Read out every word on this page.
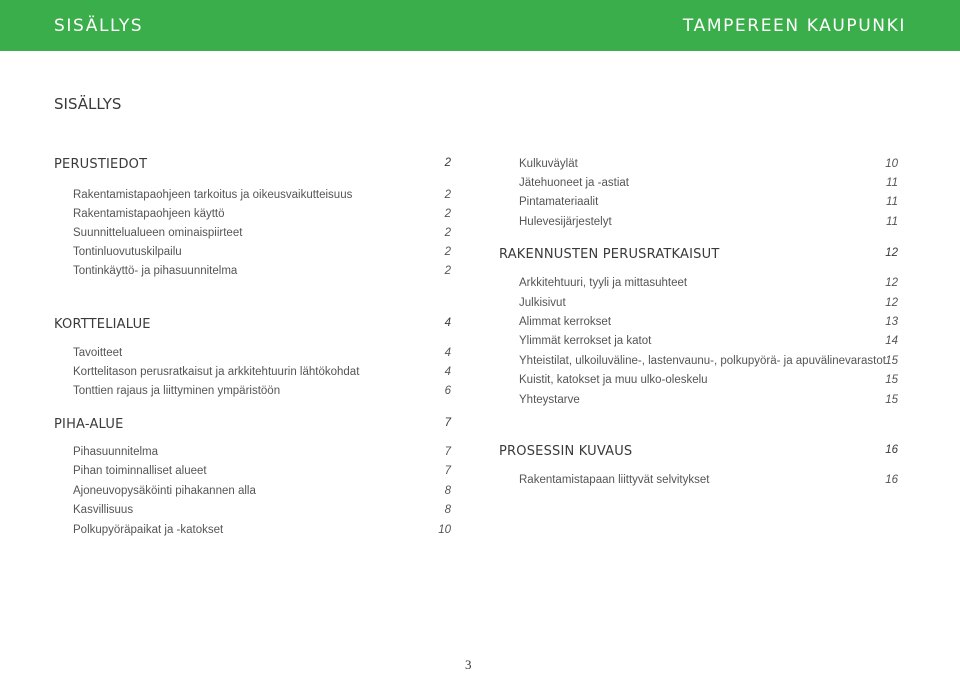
SISÄLLYS	TAMPEREEN KAUPUNKI
SISÄLLYS
PERUSTIEDOT	2
Rakentamistapaohjeen tarkoitus ja oikeusvaikutteisuus	2
Rakentamistapaohjeen käyttö	2
Suunnittelualueen ominaispiirteet	2
Tontinluovutuskilpailu	2
Tontinkäyttö- ja pihasuunnitelma	2
KORTTELIALUE	4
Tavoitteet	4
Korttelitason perusratkaisut ja arkkitehtuurin lähtökohdat	4
Tonttien rajaus ja liittyminen ympäristöön	6
PIHA-ALUE	7
Pihasuunnitelma	7
Pihan toiminnalliset alueet	7
Ajoneuvopysäköinti pihakannen alla	8
Kasvillisuus	8
Polkupyöräpaikat ja -katokset	10
Kulkuväylät	10
Jätehuoneet ja -astiat	11
Pintamateriaalit	11
Hulevesijärjestelyt	11
RAKENNUSTEN PERUSRATKAISUT	12
Arkkitehtuuri, tyyli ja mittasuhteet	12
Julkisivut	12
Alimmat kerrokset	13
Ylimmät kerrokset ja katot	14
Yhteistilat, ulkoiluväline-, lastenvaunu-, polkupyörä- ja apuvälinevarastot 15
Kuistit, katokset ja muu ulko-oleskelu	15
Yhteystarve	15
PROSESSIN KUVAUS	16
Rakentamistapaan liittyvät selvitykset	16
3
